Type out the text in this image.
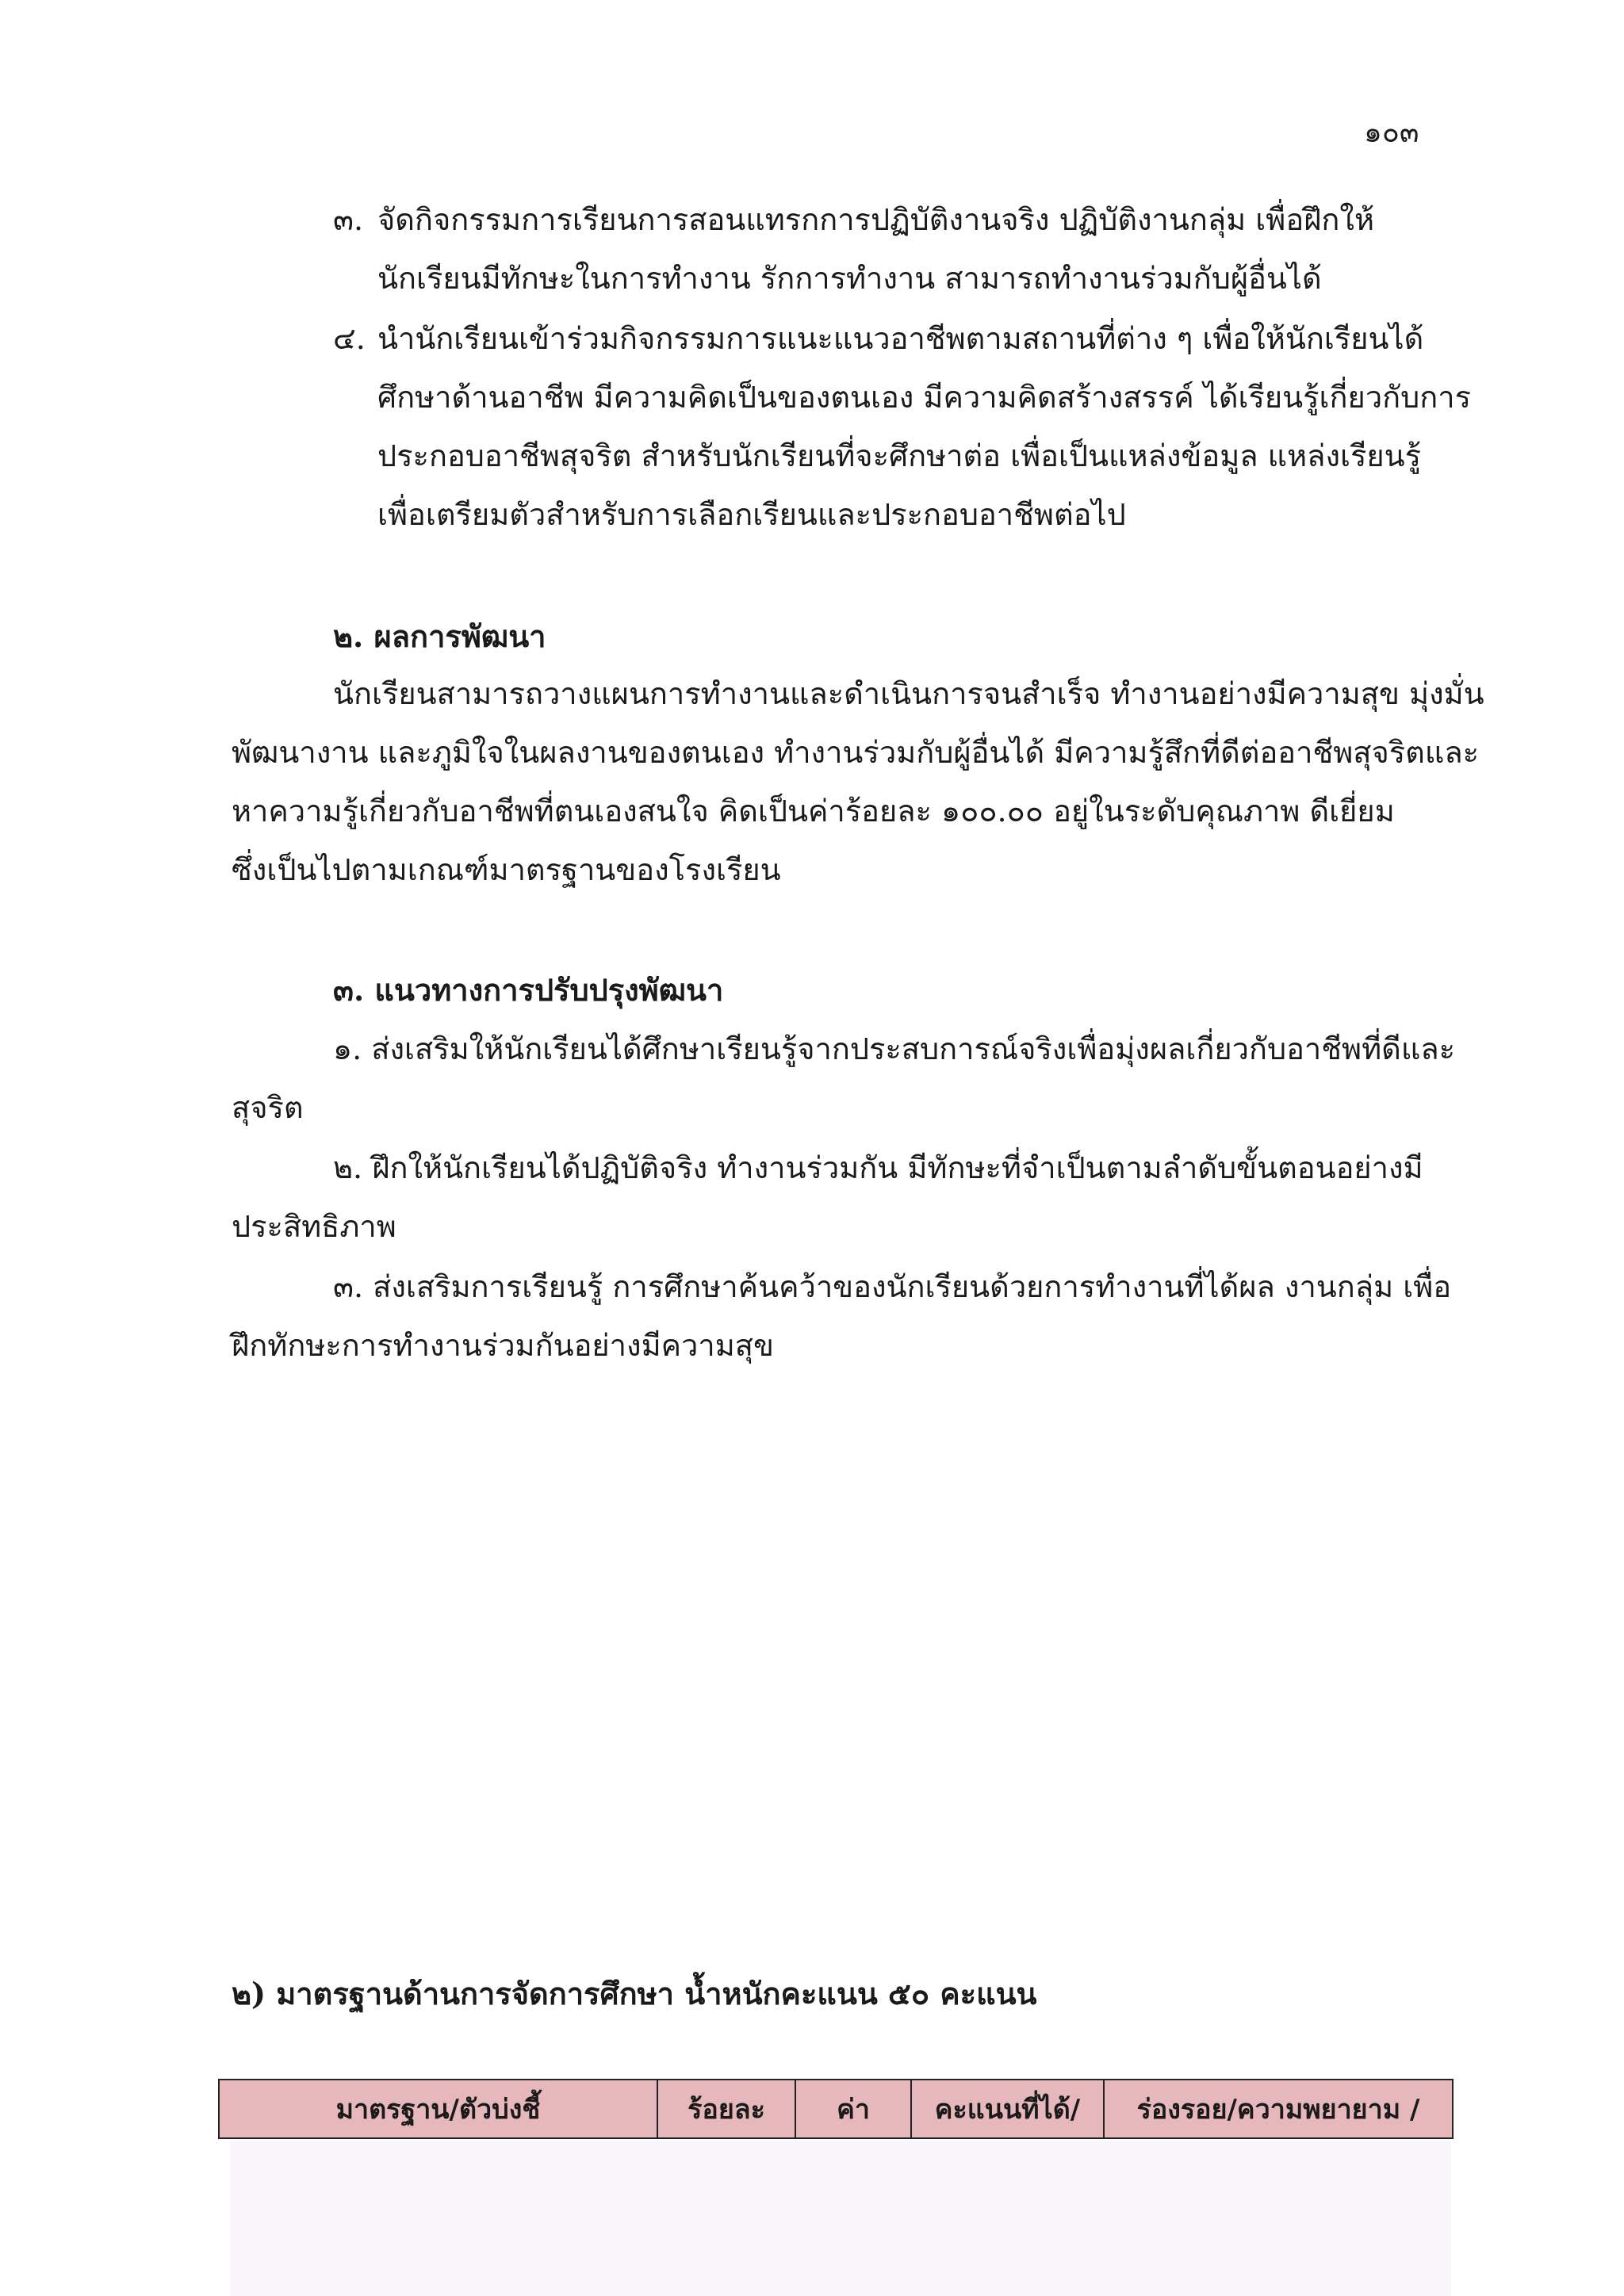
๑๐๓
๓. จัดกิจกรรมการเรียนการสอนแทรกการปฏิบัติงานจริง ปฏิบัติงานกลุ่ม เพื่อฝึกให้
นักเรียนมีทักษะในการทำงาน รักการทำงาน สามารถทำงานร่วมกับผู้อื่นได้
๔. นำนักเรียนเข้าร่วมกิจกรรมการแนะแนวอาชีพตามสถานที่ต่าง ๆ เพื่อให้นักเรียนได้
ศึกษาด้านอาชีพ มีความคิดเป็นของตนเอง มีความคิดสร้างสรรค์ ได้เรียนรู้เกี่ยวกับการ
ประกอบอาชีพสุจริต สำหรับนักเรียนที่จะศึกษาต่อ เพื่อเป็นแหล่งข้อมูล แหล่งเรียนรู้
เพื่อเตรียมตัวสำหรับการเลือกเรียนและประกอบอาชีพต่อไป
๒. ผลการพัฒนา
นักเรียนสามารถวางแผนการทำงานและดำเนินการจนสำเร็จ ทำงานอย่างมีความสุข มุ่งมั่น
พัฒนางาน และภูมิใจในผลงานของตนเอง ทำงานร่วมกับผู้อื่นได้ มีความรู้สึกที่ดีต่ออาชีพสุจริตและ
หาความรู้เกี่ยวกับอาชีพที่ตนเองสนใจ คิดเป็นค่าร้อยละ ๑๐๐.๐๐ อยู่ในระดับคุณภาพ ดีเยี่ยม
ซึ่งเป็นไปตามเกณฑ์มาตรฐานของโรงเรียน
๓. แนวทางการปรับปรุงพัฒนา
๑. ส่งเสริมให้นักเรียนได้ศึกษาเรียนรู้จากประสบการณ์จริงเพื่อมุ่งผลเกี่ยวกับอาชีพที่ดีและ
สุจริต
๒. ฝึกให้นักเรียนได้ปฏิบัติจริง ทำงานร่วมกัน มีทักษะที่จำเป็นตามลำดับขั้นตอนอย่างมี
ประสิทธิภาพ
๓. ส่งเสริมการเรียนรู้ การศึกษาค้นคว้าของนักเรียนด้วยการทำงานที่ได้ผล งานกลุ่ม เพื่อ
ฝึกทักษะการทำงานร่วมกันอย่างมีความสุข
๒) มาตรฐานด้านการจัดการศึกษา น้ำหนักคะแนน ๕๐ คะแนน
มาตรฐาน/ตัวบ่งชี้	ร้อยละ	ค่า	คะแนนที่ได้/	ร่องรอย/ความพยายาม /
